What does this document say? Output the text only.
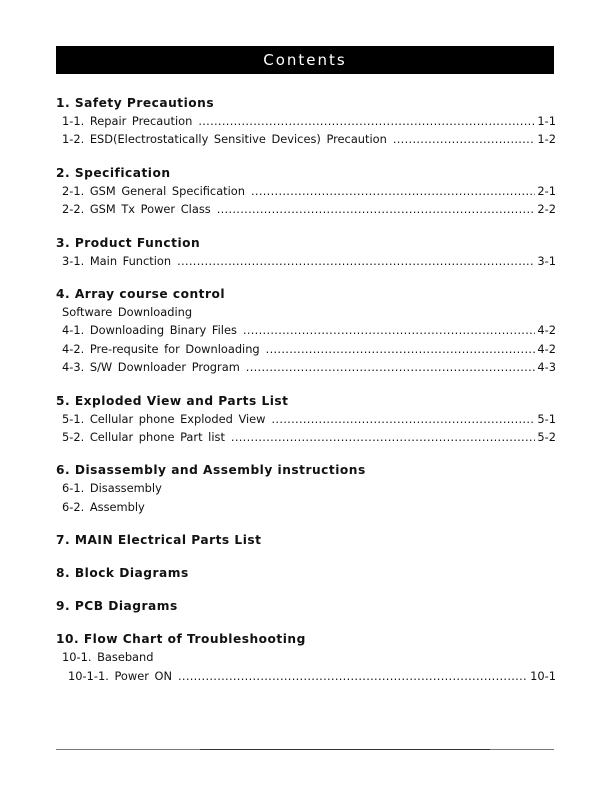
Contents
1. Safety Precautions
1-1. Repair Precaution .....	1-1
1-2. ESD(Electrostatically Sensitive Devices) Precaution .....	1-2
2. Specification
2-1. GSM General Specification .....	2-1
2-2. GSM Tx Power Class .....	2-2
3. Product Function
3-1. Main Function .....	3-1
4. Array course control
Software Downloading
4-1. Downloading Binary Files .....	4-2
4-2. Pre-requsite for Downloading .....	4-2
4-3. S/W Downloader Program .....	4-3
5. Exploded View and Parts List
5-1. Cellular phone Exploded View .....	5-1
5-2. Cellular phone Part list .....	5-2
6. Disassembly and Assembly instructions
6-1. Disassembly
6-2. Assembly
7. MAIN Electrical Parts List
8. Block Diagrams
9. PCB Diagrams
10. Flow Chart of Troubleshooting
10-1. Baseband
10-1-1. Power ON .....	10-1
